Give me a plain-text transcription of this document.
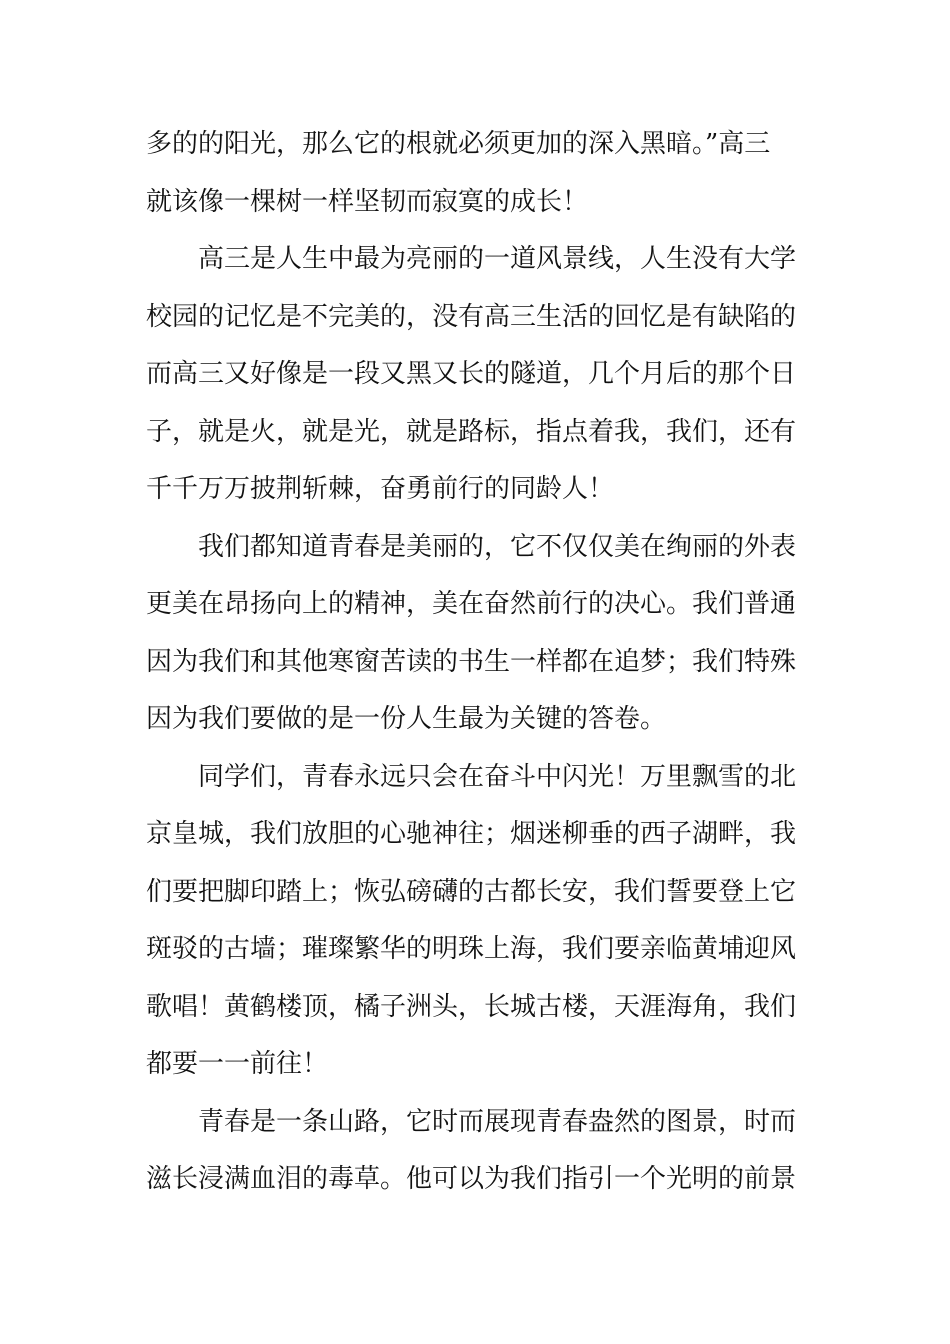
多的的阳光，那么它的根就必须更加的深入黑暗。”高三
就该像一棵树一样坚韧而寂寞的成长！
高三是人生中最为亮丽的一道风景线，人生没有大学
校园的记忆是不完美的，没有高三生活的回忆是有缺陷的
而高三又好像是一段又黑又长的隧道，几个月后的那个日
子，就是火，就是光，就是路标，指点着我，我们，还有
千千万万披荆斩棘，奋勇前行的同龄人！
我们都知道青春是美丽的，它不仅仅美在绚丽的外表
更美在昂扬向上的精神，美在奋然前行的决心。我们普通
因为我们和其他寒窗苦读的书生一样都在追梦；我们特殊
因为我们要做的是一份人生最为关键的答卷。
同学们，青春永远只会在奋斗中闪光！万里飘雪的北
京皇城，我们放胆的心驰神往；烟迷柳垂的西子湖畔，我
们要把脚印踏上；恢弘磅礴的古都长安，我们誓要登上它
斑驳的古墙；璀璨繁华的明珠上海，我们要亲临黄埔迎风
歌唱！黄鹤楼顶，橘子洲头，长城古楼，天涯海角，我们
都要一一前往！
青春是一条山路，它时而展现青春盎然的图景，时而
滋长浸满血泪的毒草。他可以为我们指引一个光明的前景
